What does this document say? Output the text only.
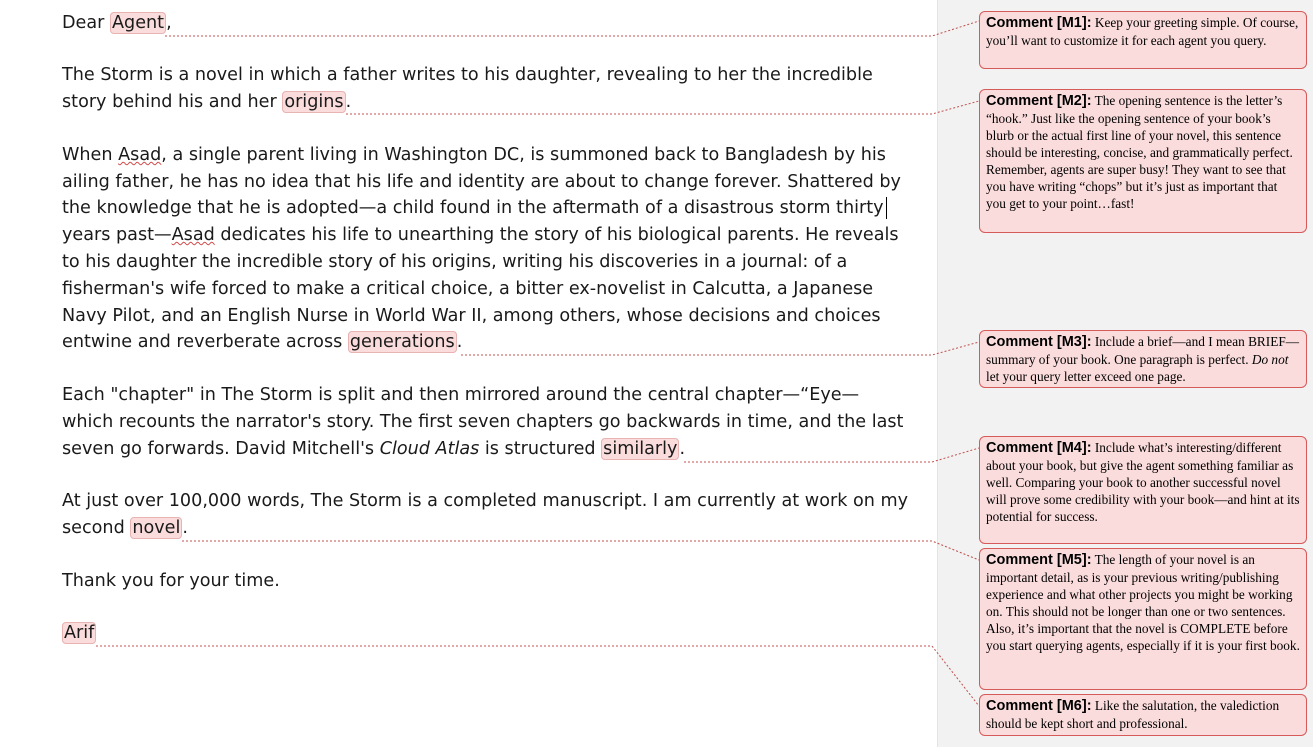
Dear Agent ,
The Storm is a novel in which a father writes to his daughter, revealing to her the incredible
story behind his and her origins .
When Asad, a single parent living in Washington DC, is summoned back to Bangladesh by his
ailing father, he has no idea that his life and identity are about to change forever. Shattered by
the knowledge that he is adopted—a child found in the aftermath of a disastrous storm thirty
years past—Asad dedicates his life to unearthing the story of his biological parents. He reveals
to his daughter the incredible story of his origins, writing his discoveries in a journal: of a
fisherman's wife forced to make a critical choice, a bitter ex-novelist in Calcutta, a Japanese
Navy Pilot, and an English Nurse in World War II, among others, whose decisions and choices
entwine and reverberate across generations .
Each "chapter" in The Storm is split and then mirrored around the central chapter—“Eye—
which recounts the narrator's story. The first seven chapters go backwards in time, and the last
seven go forwards. David Mitchell's Cloud Atlas is structured similarly .
At just over 100,000 words, The Storm is a completed manuscript. I am currently at work on my
second novel .
Thank you for your time.
Arif
Comment [M1]: Keep your greeting simple. Of course, you’ll want to customize it for each agent you query.
Comment [M2]: The opening sentence is the letter’s “hook.” Just like the opening sentence of your book’s blurb or the actual first line of your novel, this sentence should be interesting, concise, and grammatically perfect. Remember, agents are super busy! They want to see that you have writing “chops” but it’s just as important that you get to your point…fast!
Comment [M3]: Include a brief—and I mean BRIEF—summary of your book. One paragraph is perfect. Do not let your query letter exceed one page.
Comment [M4]: Include what’s interesting/different about your book, but give the agent something familiar as well. Comparing your book to another successful novel will prove some credibility with your book—and hint at its potential for success.
Comment [M5]: The length of your novel is an important detail, as is your previous writing/publishing experience and what other projects you might be working on. This should not be longer than one or two sentences. Also, it’s important that the novel is COMPLETE before you start querying agents, especially if it is your first book.
Comment [M6]: Like the salutation, the valediction should be kept short and professional.
